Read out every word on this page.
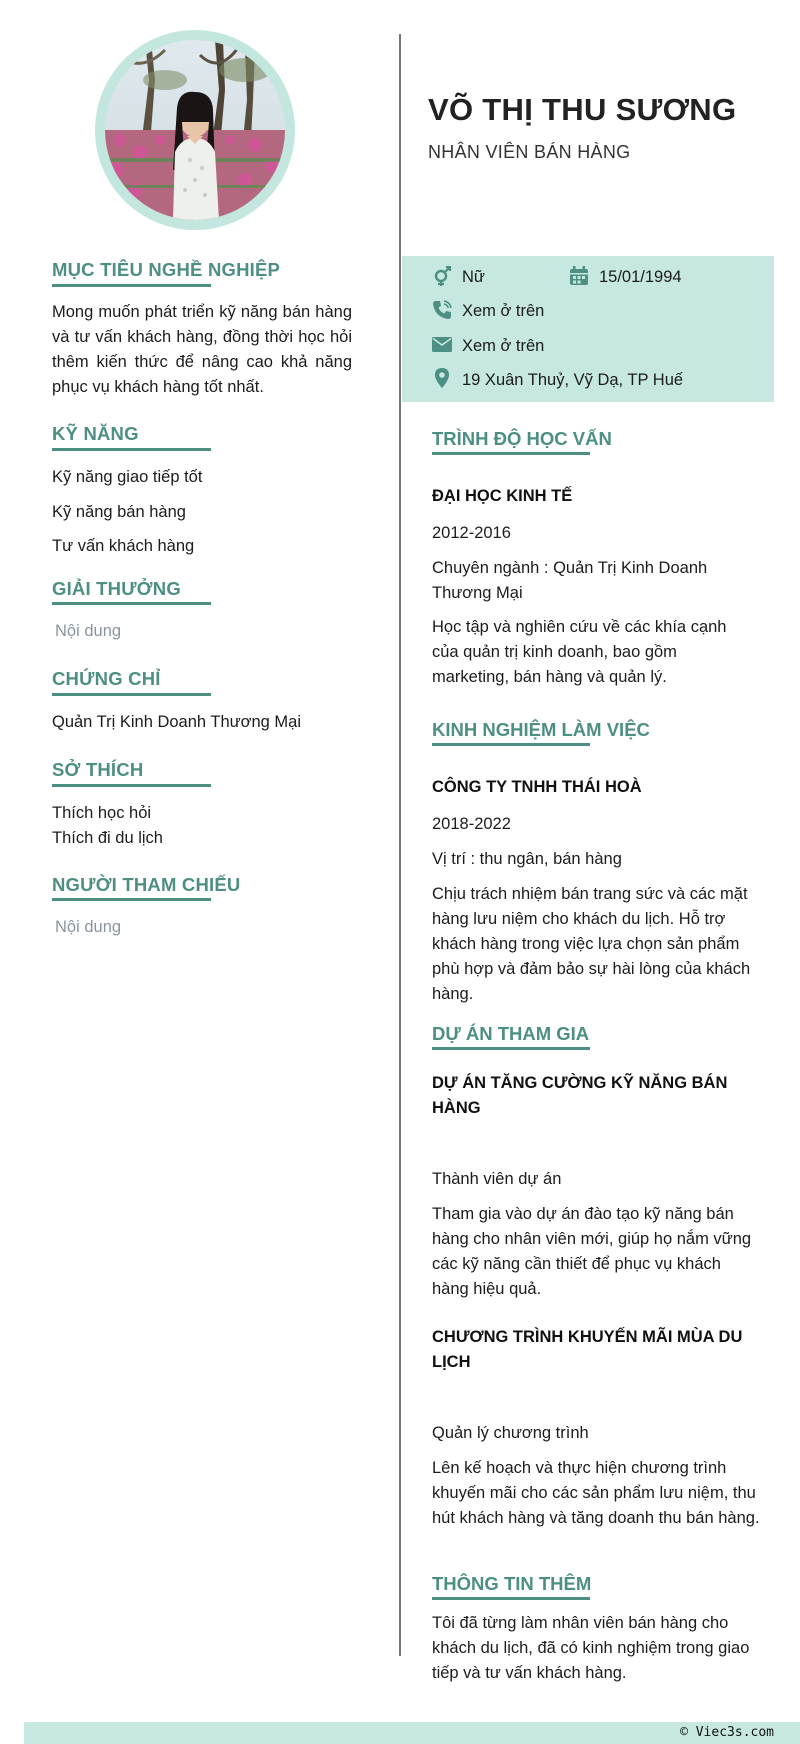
MỤC TIÊU NGHỀ NGHIỆP
Mong muốn phát triển kỹ năng bán hàng và tư vấn khách hàng, đồng thời học hỏi thêm kiến thức để nâng cao khả năng phục vụ khách hàng tốt nhất.
KỸ NĂNG
Kỹ năng giao tiếp tốt
Kỹ năng bán hàng
Tư vấn khách hàng
GIẢI THƯỞNG
Nội dung
CHỨNG CHỈ
Quản Trị Kinh Doanh Thương Mại
SỞ THÍCH
Thích học hỏi
Thích đi du lịch
NGƯỜI THAM CHIẾU
Nội dung
VÕ THỊ THU SƯƠNG
NHÂN VIÊN BÁN HÀNG
Nữ	15/01/1994
Xem ở trên
Xem ở trên
19 Xuân Thuỷ, Vỹ Dạ, TP Huế
TRÌNH ĐỘ HỌC VẤN
ĐẠI HỌC KINH TẾ
2012-2016
Chuyên ngành : Quản Trị Kinh Doanh Thương Mại
Học tập và nghiên cứu về các khía cạnh của quản trị kinh doanh, bao gồm marketing, bán hàng và quản lý.
KINH NGHIỆM LÀM VIỆC
CÔNG TY TNHH THÁI HOÀ
2018-2022
Vị trí : thu ngân, bán hàng
Chịu trách nhiệm bán trang sức và các mặt hàng lưu niệm cho khách du lịch. Hỗ trợ khách hàng trong việc lựa chọn sản phẩm phù hợp và đảm bảo sự hài lòng của khách hàng.
DỰ ÁN THAM GIA
DỰ ÁN TĂNG CƯỜNG KỸ NĂNG BÁN HÀNG
Thành viên dự án
Tham gia vào dự án đào tạo kỹ năng bán hàng cho nhân viên mới, giúp họ nắm vững các kỹ năng cần thiết để phục vụ khách hàng hiệu quả.
CHƯƠNG TRÌNH KHUYẾN MÃI MÙA DU LỊCH
Quản lý chương trình
Lên kế hoạch và thực hiện chương trình khuyến mãi cho các sản phẩm lưu niệm, thu hút khách hàng và tăng doanh thu bán hàng.
THÔNG TIN THÊM
Tôi đã từng làm nhân viên bán hàng cho khách du lịch, đã có kinh nghiệm trong giao tiếp và tư vấn khách hàng.
© Viec3s.com
